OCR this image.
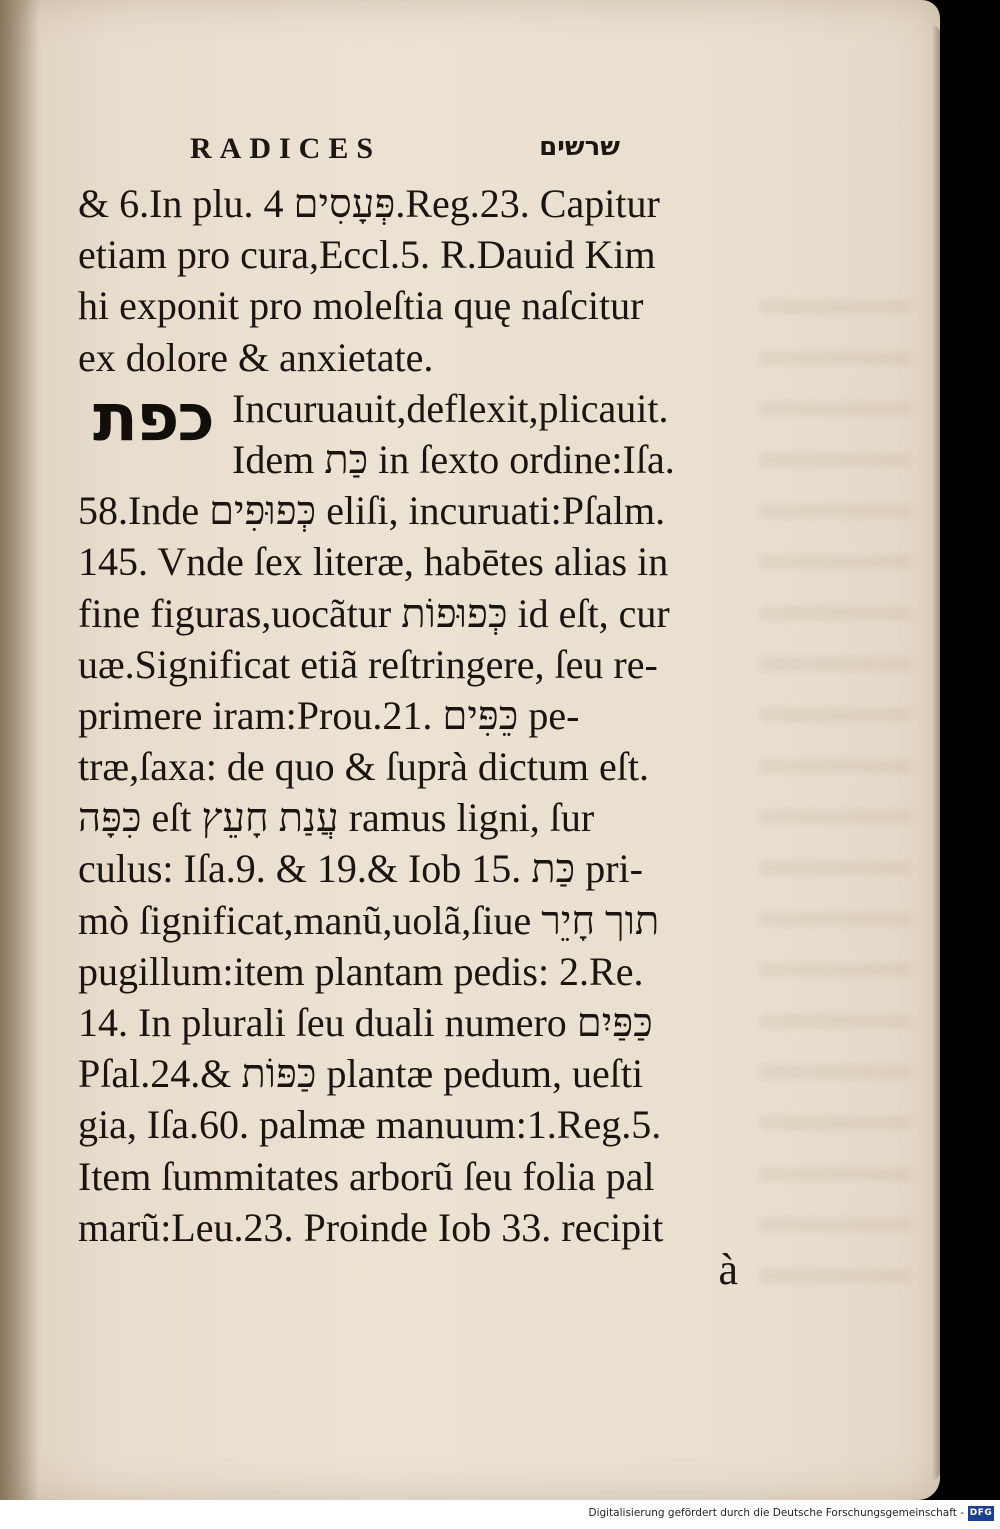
RADICES	שרשים
כפת
& 6.In plu. פְּעָסִים 4.Reg.23. Capitur
etiam pro cura,Eccl.5. R.Dauid Kim
hi exponit pro moleſtia quę naſcitur
ex dolore & anxietate.
Incuruauit,deflexit,plicauit.
Idem כַּת in ſexto ordine:Iſa.
58.Inde כְּפוּפִים eliſi, incuruati:Pſalm.
145. Vnde ſex literæ, habētes alias in
fine figuras,uocãtur כְּפוּפוֹת id eſt, cur
uæ.Significat etiã reſtringere, ſeu re-
primere iram:Prou.21. כֵּפִּים pe-
træ,ſaxa: de quo & ſuprà dictum eſt.
כִּפָּה eſt עֲנַת חָעֵץ ramus ligni, ſur
culus: Iſa.9. & 19.& Iob 15. כַּת pri-
mò ſignificat,manũ,uolã,ſiue תוך חָיֵר
pugillum:item plantam pedis: 2.Re.
14. In plurali ſeu duali numero כַּפַּיִם
Pſal.24.& כַּפּוֹת plantæ pedum, ueſti
gia, Iſa.60. palmæ manuum:1.Reg.5.
Item ſummitates arborũ ſeu folia pal
marũ:Leu.23. Proinde Iob 33. recipit
à
Digitalisierung gefördert durch die Deutsche Forschungsgemeinschaft - DFG
